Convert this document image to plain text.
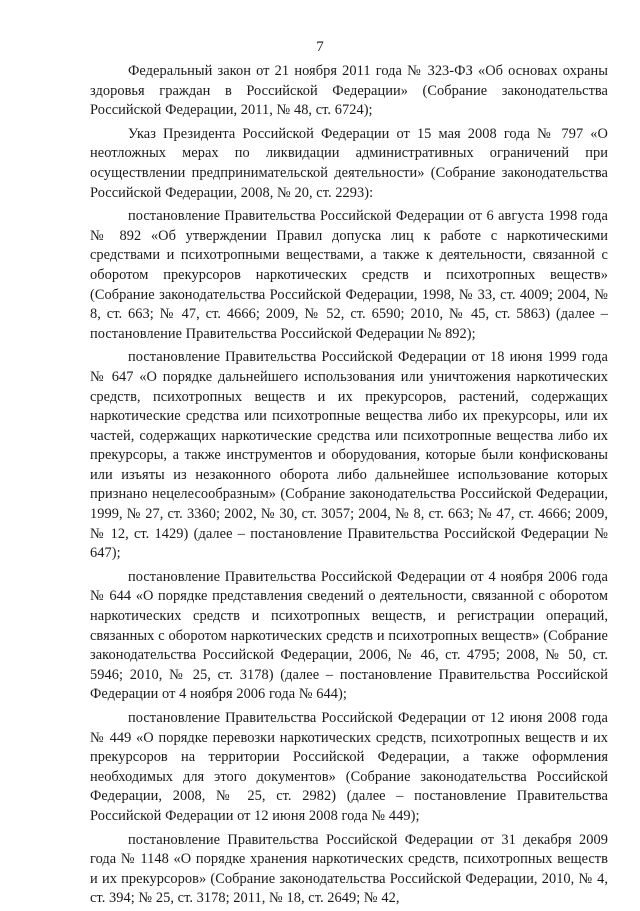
7

Федеральный закон от 21 ноября 2011 года № 323-ФЗ «Об основах охраны здоровья граждан в Российской Федерации» (Собрание законодательства Российской Федерации, 2011, № 48, ст. 6724);

Указ Президента Российской Федерации от 15 мая 2008 года № 797 «О неотложных мерах по ликвидации административных ограничений при осуществлении предпринимательской деятельности» (Собрание законодательства Российской Федерации, 2008, № 20, ст. 2293):

постановление Правительства Российской Федерации от 6 августа 1998 года № 892 «Об утверждении Правил допуска лиц к работе с наркотическими средствами и психотропными веществами, а также к деятельности, связанной с оборотом прекурсоров наркотических средств и психотропных веществ» (Собрание законодательства Российской Федерации, 1998, № 33, ст. 4009; 2004, № 8, ст. 663; № 47, ст. 4666; 2009, № 52, ст. 6590; 2010, № 45, ст. 5863) (далее – постановление Правительства Российской Федерации № 892);

постановление Правительства Российской Федерации от 18 июня 1999 года № 647 «О порядке дальнейшего использования или уничтожения наркотических средств, психотропных веществ и их прекурсоров, растений, содержащих наркотические средства или психотропные вещества либо их прекурсоры, или их частей, содержащих наркотические средства или психотропные вещества либо их прекурсоры, а также инструментов и оборудования, которые были конфискованы или изъяты из незаконного оборота либо дальнейшее использование которых признано нецелесообразным» (Собрание законодательства Российской Федерации, 1999, № 27, ст. 3360; 2002, № 30, ст. 3057; 2004, № 8, ст. 663; № 47, ст. 4666; 2009, № 12, ст. 1429) (далее – постановление Правительства Российской Федерации № 647);

постановление Правительства Российской Федерации от 4 ноября 2006 года № 644 «О порядке представления сведений о деятельности, связанной с оборотом наркотических средств и психотропных веществ, и регистрации операций, связанных с оборотом наркотических средств и психотропных веществ» (Собрание законодательства Российской Федерации, 2006, № 46, ст. 4795; 2008, № 50, ст. 5946; 2010, № 25, ст. 3178) (далее – постановление Правительства Российской Федерации от 4 ноября 2006 года № 644);

постановление Правительства Российской Федерации от 12 июня 2008 года № 449 «О порядке перевозки наркотических средств, психотропных веществ и их прекурсоров на территории Российской Федерации, а также оформления необходимых для этого документов» (Собрание законодательства Российской Федерации, 2008, № 25, ст. 2982) (далее – постановление Правительства Российской Федерации от 12 июня 2008 года № 449);

постановление Правительства Российской Федерации от 31 декабря 2009 года № 1148 «О порядке хранения наркотических средств, психотропных веществ и их прекурсоров» (Собрание законодательства Российской Федерации, 2010, № 4, ст. 394; № 25, ст. 3178; 2011, № 18, ст. 2649; № 42,
